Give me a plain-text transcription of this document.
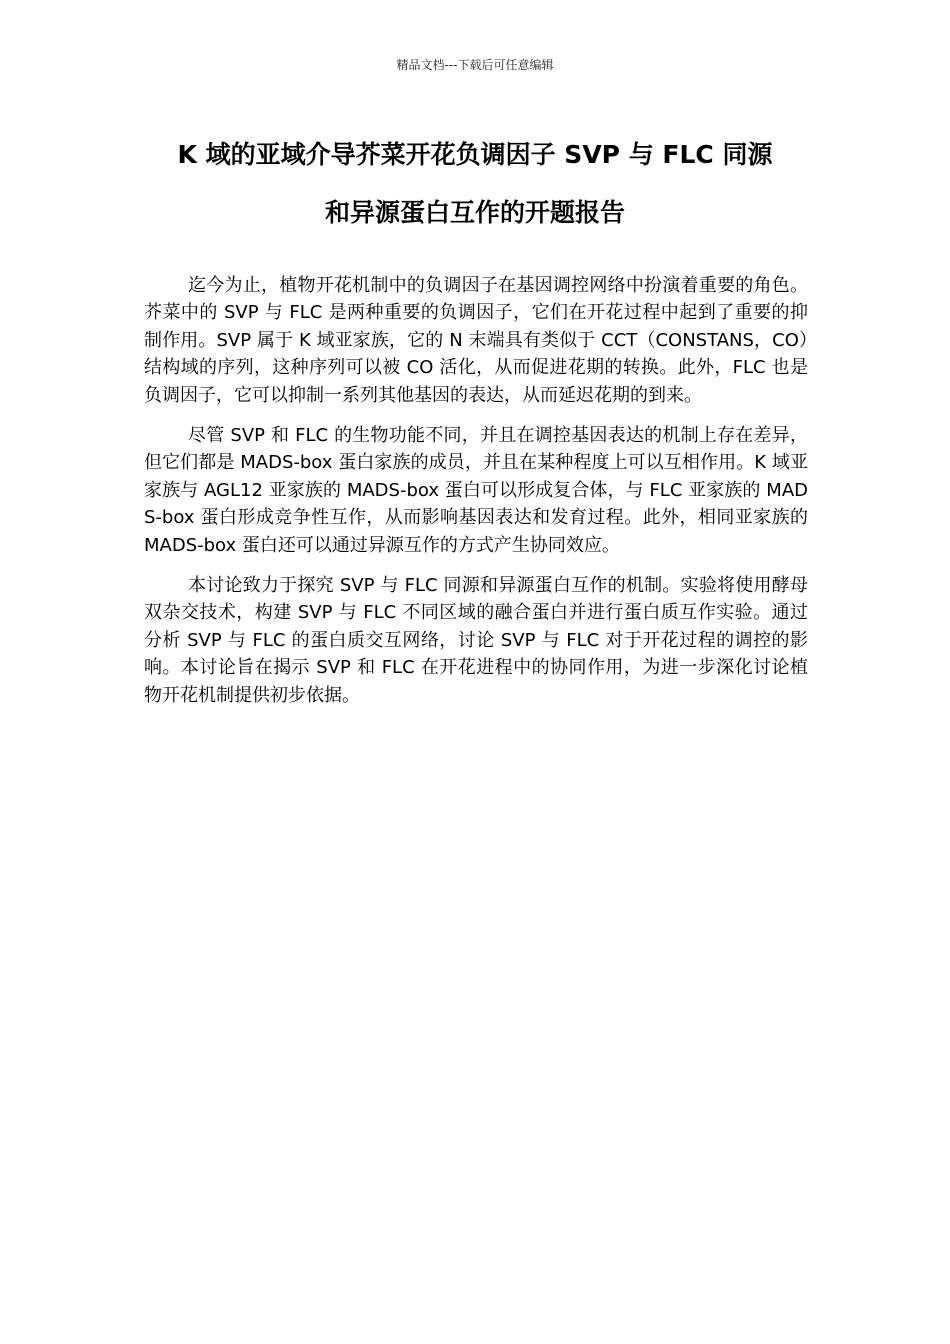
精品文档---下载后可任意编辑
K 域的亚域介导芥菜开花负调因子 SVP 与 FLC 同源
和异源蛋白互作的开题报告

迄今为止，植物开花机制中的负调因子在基因调控网络中扮演着重要的角色。芥菜中的 SVP 与 FLC 是两种重要的负调因子，它们在开花过程中起到了重要的抑制作用。SVP 属于 K 域亚家族，它的 N 末端具有类似于 CCT（CONSTANS，CO）结构域的序列，这种序列可以被 CO 活化，从而促进花期的转换。此外，FLC 也是负调因子，它可以抑制一系列其他基因的表达，从而延迟花期的到来。

尽管 SVP 和 FLC 的生物功能不同，并且在调控基因表达的机制上存在差异，但它们都是 MADS-box 蛋白家族的成员，并且在某种程度上可以互相作用。K 域亚家族与 AGL12 亚家族的 MADS-box 蛋白可以形成复合体，与 FLC 亚家族的 MADS-box 蛋白形成竞争性互作，从而影响基因表达和发育过程。此外，相同亚家族的 MADS-box 蛋白还可以通过异源互作的方式产生协同效应。

本讨论致力于探究 SVP 与 FLC 同源和异源蛋白互作的机制。实验将使用酵母双杂交技术，构建 SVP 与 FLC 不同区域的融合蛋白并进行蛋白质互作实验。通过分析 SVP 与 FLC 的蛋白质交互网络，讨论 SVP 与 FLC 对于开花过程的调控的影响。本讨论旨在揭示 SVP 和 FLC 在开花进程中的协同作用，为进一步深化讨论植物开花机制提供初步依据。
